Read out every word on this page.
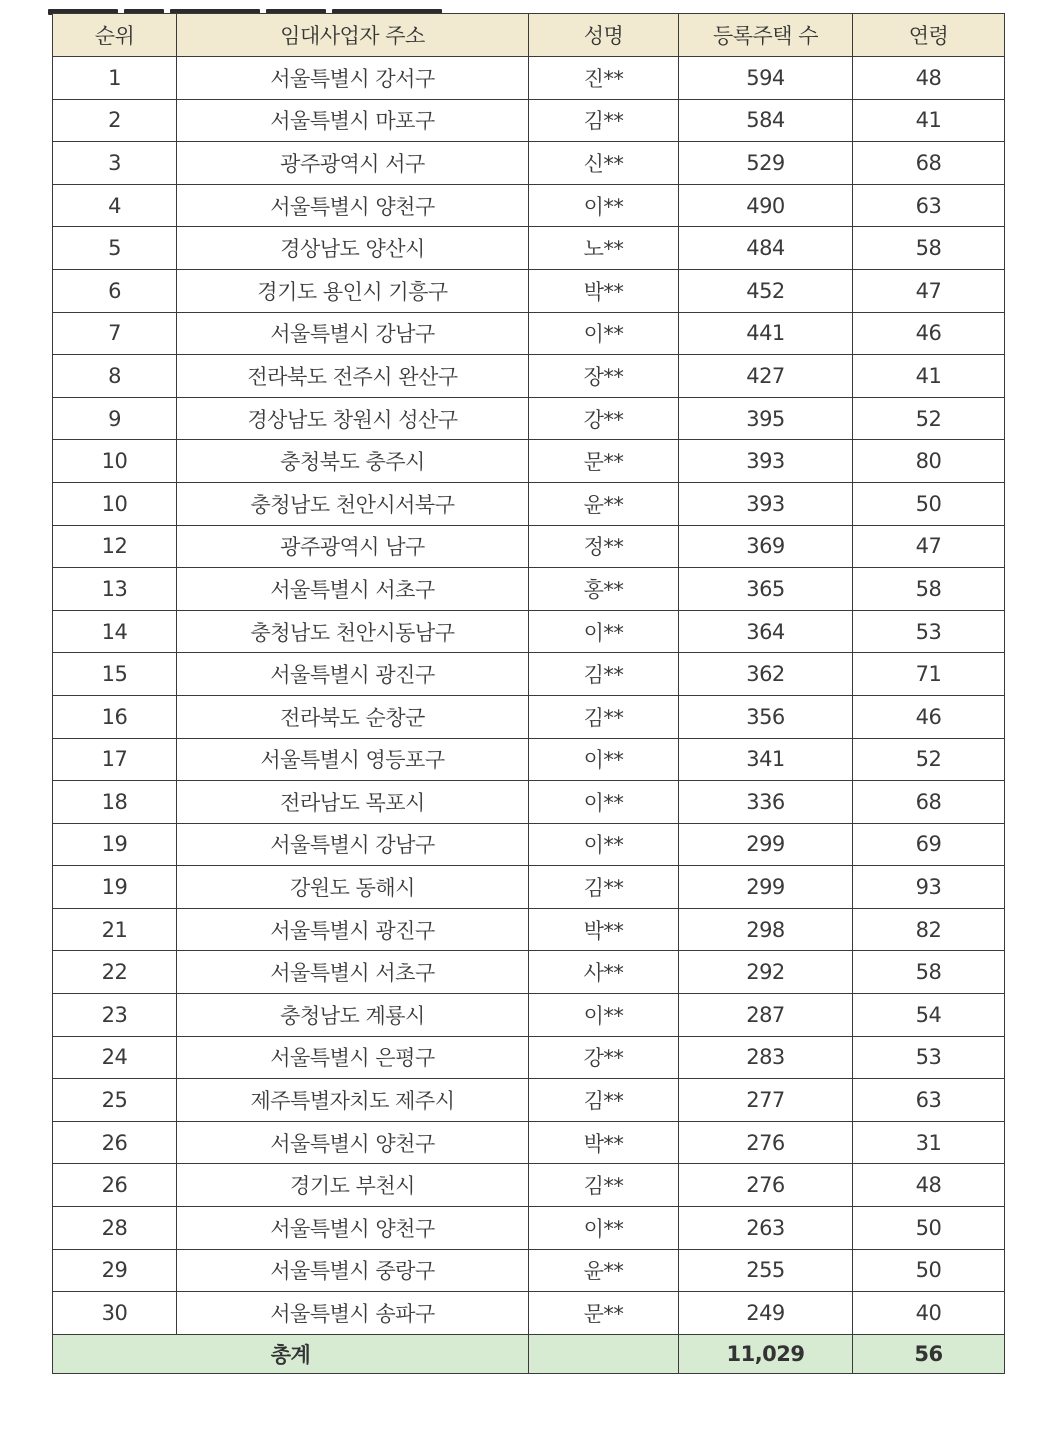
순위	임대사업자 주소	성명	등록주택 수	연령
1	서울특별시 강서구	진**	594	48
2	서울특별시 마포구	김**	584	41
3	광주광역시 서구	신**	529	68
4	서울특별시 양천구	이**	490	63
5	경상남도 양산시	노**	484	58
6	경기도 용인시 기흥구	박**	452	47
7	서울특별시 강남구	이**	441	46
8	전라북도 전주시 완산구	장**	427	41
9	경상남도 창원시 성산구	강**	395	52
10	충청북도 충주시	문**	393	80
10	충청남도 천안시서북구	윤**	393	50
12	광주광역시 남구	정**	369	47
13	서울특별시 서초구	홍**	365	58
14	충청남도 천안시동남구	이**	364	53
15	서울특별시 광진구	김**	362	71
16	전라북도 순창군	김**	356	46
17	서울특별시 영등포구	이**	341	52
18	전라남도 목포시	이**	336	68
19	서울특별시 강남구	이**	299	69
19	강원도 동해시	김**	299	93
21	서울특별시 광진구	박**	298	82
22	서울특별시 서초구	사**	292	58
23	충청남도 계룡시	이**	287	54
24	서울특별시 은평구	강**	283	53
25	제주특별자치도 제주시	김**	277	63
26	서울특별시 양천구	박**	276	31
26	경기도 부천시	김**	276	48
28	서울특별시 양천구	이**	263	50
29	서울특별시 중랑구	윤**	255	50
30	서울특별시 송파구	문**	249	40
총계			11,029	56
